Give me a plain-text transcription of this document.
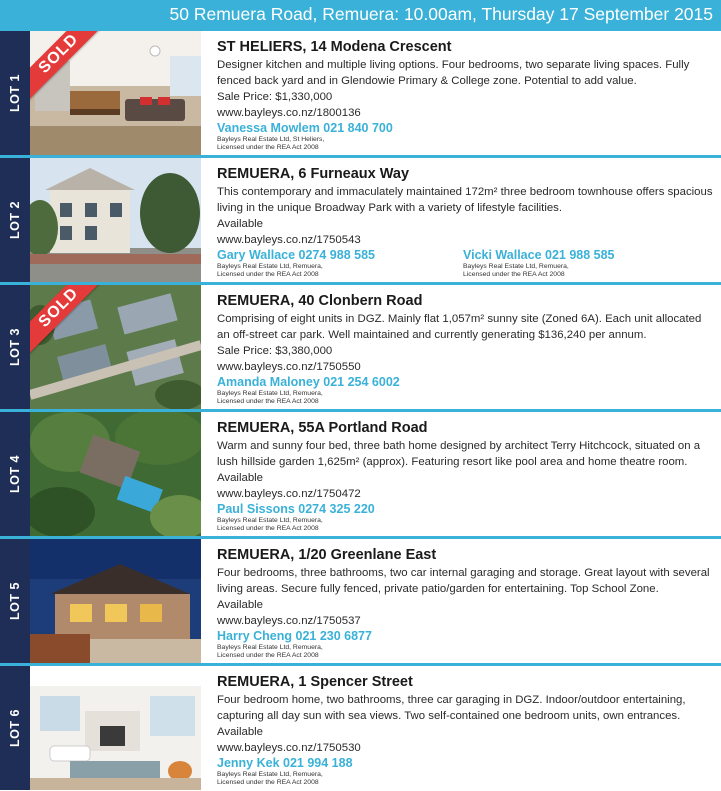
50 Remuera Road, Remuera: 10.00am, Thursday 17 September 2015
LOT 1
SOLD	ST HELIERS, 14 Modena Crescent

Designer kitchen and multiple living options. Four bedrooms, two separate living spaces. Fully fenced back yard and in Glendowie Primary & College zone. Potential to add value.

Sale Price: $1,330,000
www.bayleys.co.nz/1800136
Vanessa Mowlem 021 840 700
Bayleys Real Estate Ltd, St Heliers,
Licensed under the REA Act 2008
LOT 2
REMUERA, 6 Furneaux Way

This contemporary and immaculately maintained 172m² three bedroom townhouse offers spacious living in the unique Broadway Park with a variety of lifestyle facilities.

Available
www.bayleys.co.nz/1750543
Gary Wallace 0274 988 585
Bayleys Real Estate Ltd, Remuera,
Licensed under the REA Act 2008
Vicki Wallace 021 988 585
Bayleys Real Estate Ltd, Remuera,
Licensed under the REA Act 2008
LOT 3
SOLD	REMUERA, 40 Clonbern Road

Comprising of eight units in DGZ. Mainly flat 1,057m² sunny site (Zoned 6A). Each unit allocated an off-street car park. Well maintained and currently generating $136,240 per annum.

Sale Price: $3,380,000
www.bayleys.co.nz/1750550
Amanda Maloney 021 254 6002
Bayleys Real Estate Ltd, Remuera,
Licensed under the REA Act 2008
LOT 4
REMUERA, 55A Portland Road

Warm and sunny four bed, three bath home designed by architect Terry Hitchcock, situated on a lush hillside garden 1,625m² (approx). Featuring resort like pool area and home theatre room.

Available
www.bayleys.co.nz/1750472
Paul Sissons 0274 325 220
Bayleys Real Estate Ltd, Remuera,
Licensed under the REA Act 2008
LOT 5
REMUERA, 1/20 Greenlane East

Four bedrooms, three bathrooms, two car internal garaging and storage. Great layout with several living areas. Secure fully fenced, private patio/garden for entertaining. Top School Zone.

Available
www.bayleys.co.nz/1750537
Harry Cheng 021 230 6877
Bayleys Real Estate Ltd, Remuera,
Licensed under the REA Act 2008
LOT 6
REMUERA, 1 Spencer Street

Four bedroom home, two bathrooms, three car garaging in DGZ. Indoor/outdoor entertaining, capturing all day sun with sea views. Two self-contained one bedroom units, own entrances.

Available
www.bayleys.co.nz/1750530
Jenny Kek 021 994 188
Bayleys Real Estate Ltd, Remuera,
Licensed under the REA Act 2008
